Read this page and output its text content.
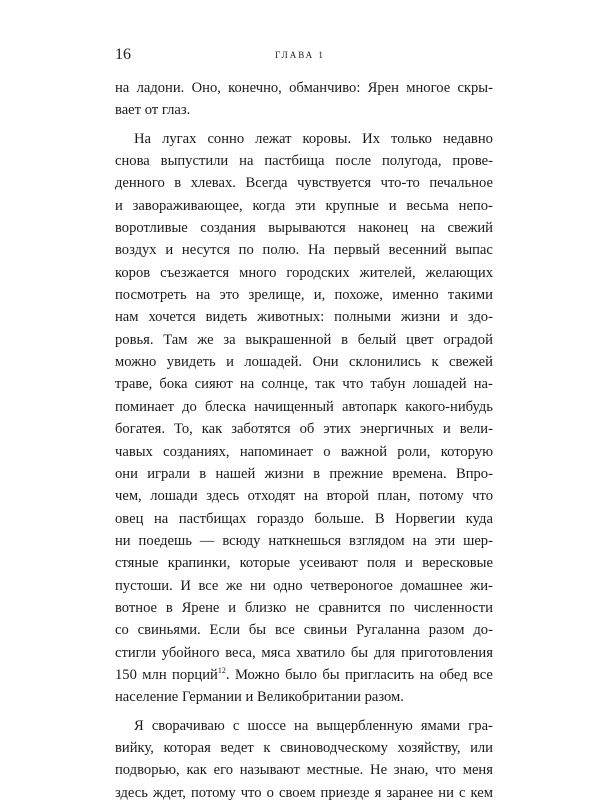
16	ГЛАВА 1
на ладони. Оно, конечно, обманчиво: Ярен многое скры-
вает от глаз.
На лугах сонно лежат коровы. Их только недавно
снова выпустили на пастбища после полугода, прове-
денного в хлевах. Всегда чувствуется что-то печальное
и завораживающее, когда эти крупные и весьма непо-
воротливые создания вырываются наконец на свежий
воздух и несутся по полю. На первый весенний выпас
коров съезжается много городских жителей, желающих
посмотреть на это зрелище, и, похоже, именно такими
нам хочется видеть животных: полными жизни и здо-
ровья. Там же за выкрашенной в белый цвет оградой
можно увидеть и лошадей. Они склонились к свежей
траве, бока сияют на солнце, так что табун лошадей на-
поминает до блеска начищенный автопарк какого-нибудь
богатея. То, как заботятся об этих энергичных и вели-
чавых созданиях, напоминает о важной роли, которую
они играли в нашей жизни в прежние времена. Впро-
чем, лошади здесь отходят на второй план, потому что
овец на пастбищах гораздо больше. В Норвегии куда
ни поедешь — всюду наткнешься взглядом на эти шер-
стяные крапинки, которые усеивают поля и вересковые
пустоши. И все же ни одно четвероногое домашнее жи-
вотное в Ярене и близко не сравнится по численности
со свиньями. Если бы все свиньи Ругаланна разом до-
стигли убойного веса, мяса хватило бы для приготовления
150 млн порций$^{12}$. Можно было бы пригласить на обед все
население Германии и Великобритании разом.
Я сворачиваю с шоссе на выщербленную ямами гра-
вийку, которая ведет к свиноводческому хозяйству, или
подворью, как его называют местные. Не знаю, что меня
здесь ждет, потому что о своем приезде я заранее ни с кем
